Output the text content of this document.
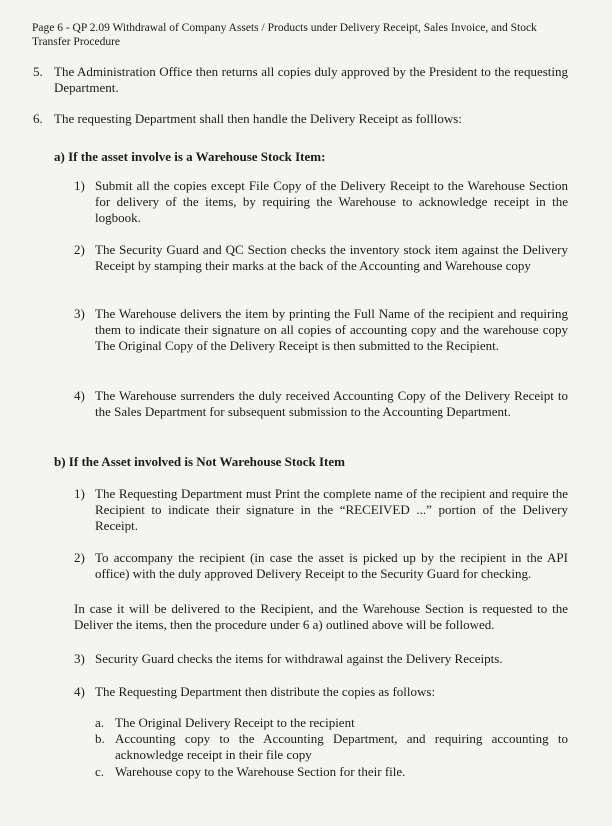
Page 6 - QP 2.09 Withdrawal of Company Assets / Products under Delivery Receipt, Sales Invoice, and Stock

Transfer Procedure

5. The Administration Office then returns all copies duly approved by the President to the requesting Department.

6. The requesting Department shall then handle the Delivery Receipt as folllows:

a) If the asset involve is a Warehouse Stock Item:

1) Submit all the copies except File Copy of the Delivery Receipt to the Warehouse Section for delivery of the items, by requiring the Warehouse to acknowledge receipt in the logbook.

2) The Security Guard and QC Section checks the inventory stock item against the Delivery Receipt by stamping their marks at the back of the Accounting and Warehouse copy

3) The Warehouse delivers the item by printing the Full Name of the recipient and requiring them to indicate their signature on all copies of accounting copy and the warehouse copy The Original Copy of the Delivery Receipt is then submitted to the Recipient.

4) The Warehouse surrenders the duly received Accounting Copy of the Delivery Receipt to the Sales Department for subsequent submission to the Accounting Department.

b) If the Asset involved is Not Warehouse Stock Item

1) The Requesting Department must Print the complete name of the recipient and require the Recipient to indicate their signature in the “RECEIVED ...” portion of the Delivery Receipt.

2) To accompany the recipient (in case the asset is picked up by the recipient in the API office) with the duly approved Delivery Receipt to the Security Guard for checking.

In case it will be delivered to the Recipient, and the Warehouse Section is requested to the Deliver the items, then the procedure under 6 a) outlined above will be followed.

3) Security Guard checks the items for withdrawal against the Delivery Receipts.

4) The Requesting Department then distribute the copies as follows:

a. The Original Delivery Receipt to the recipient

b. Accounting copy to the Accounting Department, and requiring accounting to acknowledge receipt in their file copy

c. Warehouse copy to the Warehouse Section for their file.
